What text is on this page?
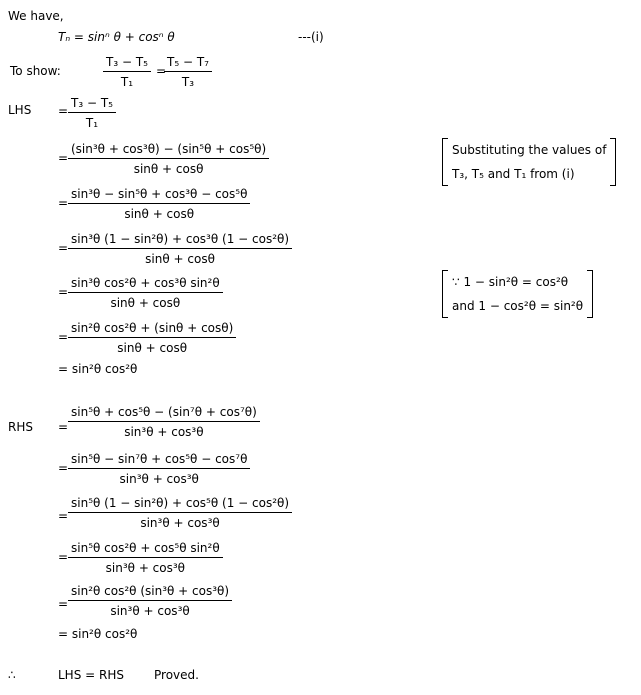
We have,
Tₙ = sinⁿ θ + cosⁿ θ	---(i)
To show:	$\frac{\text{T₃ − T₅}}{\text{T₁}}$ =
$\frac{\text{T₅ − T₇}}{\text{T₃}}$
LHS = $\frac{\text{T₃ − T₅}}{\text{T₁}}$
= $\frac{\text{(sin³θ + cos³θ) − (sin⁵θ + cos⁵θ)}}{\sin\theta + \cos\theta}$
= $\frac{\text{sin³θ − sin⁵θ + cos³θ − cos⁵θ}}{\sin\theta + \cos\theta}$
= $\frac{\text{sin³θ (1 − sin²θ) + cos³θ (1 − cos²θ)}}{\sin\theta + \cos\theta}$
= $\frac{\text{sin³θ cos²θ + cos³θ sin²θ}}{\sin\theta + \cos\theta}$
= $\frac{\text{sin²θ cos²θ + (sinθ + cosθ)}}{\sin\theta + \cos\theta}$
= sin²θ cos²θ
Substituting the values of
T₃, T₅ and T₁ from (i)
∵ 1 − sin²θ = cos²θ
and 1 − cos²θ = sin²θ
RHS = $\frac{\text{sin⁵θ + cos⁵θ − (sin⁷θ + cos⁷θ)}}{\text{sin³θ + cos³θ}}$
= $\frac{\text{sin⁵θ − sin⁷θ + cos⁵θ − cos⁷θ}}{\text{sin³θ + cos³θ}}$
= $\frac{\text{sin⁵θ (1 − sin²θ) + cos⁵θ (1 − cos²θ)}}{\text{sin³θ + cos³θ}}$
= $\frac{\text{sin⁵θ cos²θ + cos⁵θ sin²θ}}{\text{sin³θ + cos³θ}}$
= $\frac{\text{sin²θ cos²θ (sin³θ + cos³θ)}}{\text{sin³θ + cos³θ}}$
= sin²θ cos²θ
∴	LHS = RHS	Proved.
